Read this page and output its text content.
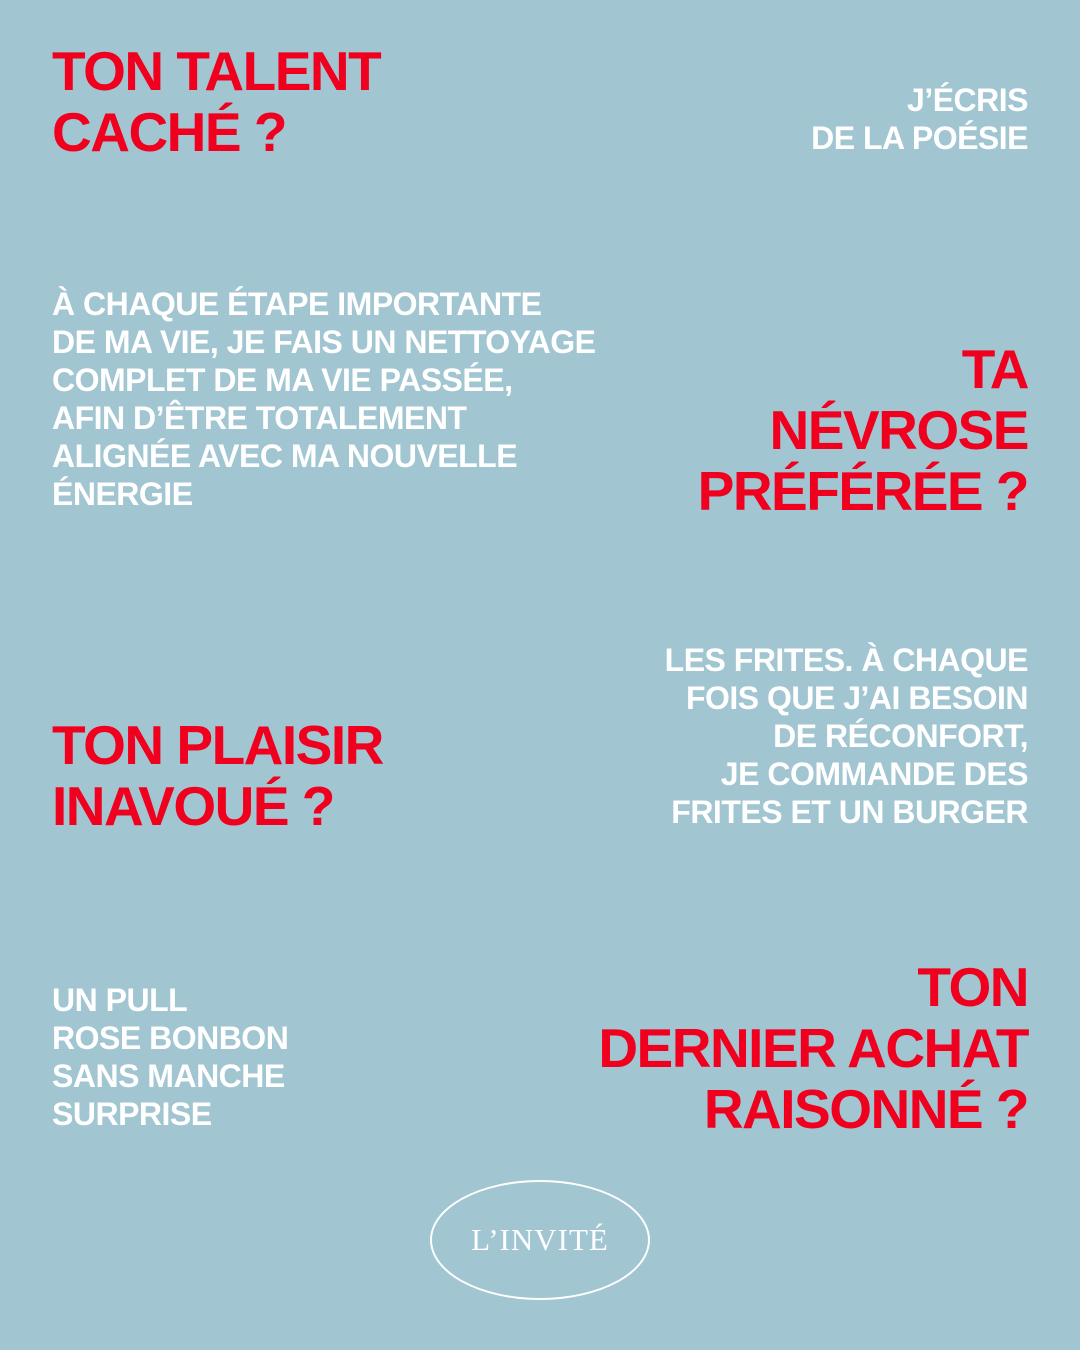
TON TALENT
CACHÉ ?

J’ÉCRIS
DE LA POÉSIE

À CHAQUE ÉTAPE IMPORTANTE
DE MA VIE, JE FAIS UN NETTOYAGE
COMPLET DE MA VIE PASSÉE,
AFIN D’ÊTRE TOTALEMENT
ALIGNÉE AVEC MA NOUVELLE
ÉNERGIE

TA
NÉVROSE
PRÉFÉRÉE ?

LES FRITES. À CHAQUE
FOIS QUE J’AI BESOIN
DE RÉCONFORT,
JE COMMANDE DES
FRITES ET UN BURGER

TON PLAISIR
INAVOUÉ ?

UN PULL
ROSE BONBON
SANS MANCHE
SURPRISE

TON
DERNIER ACHAT
RAISONNÉ ?
L’INVITÉ
